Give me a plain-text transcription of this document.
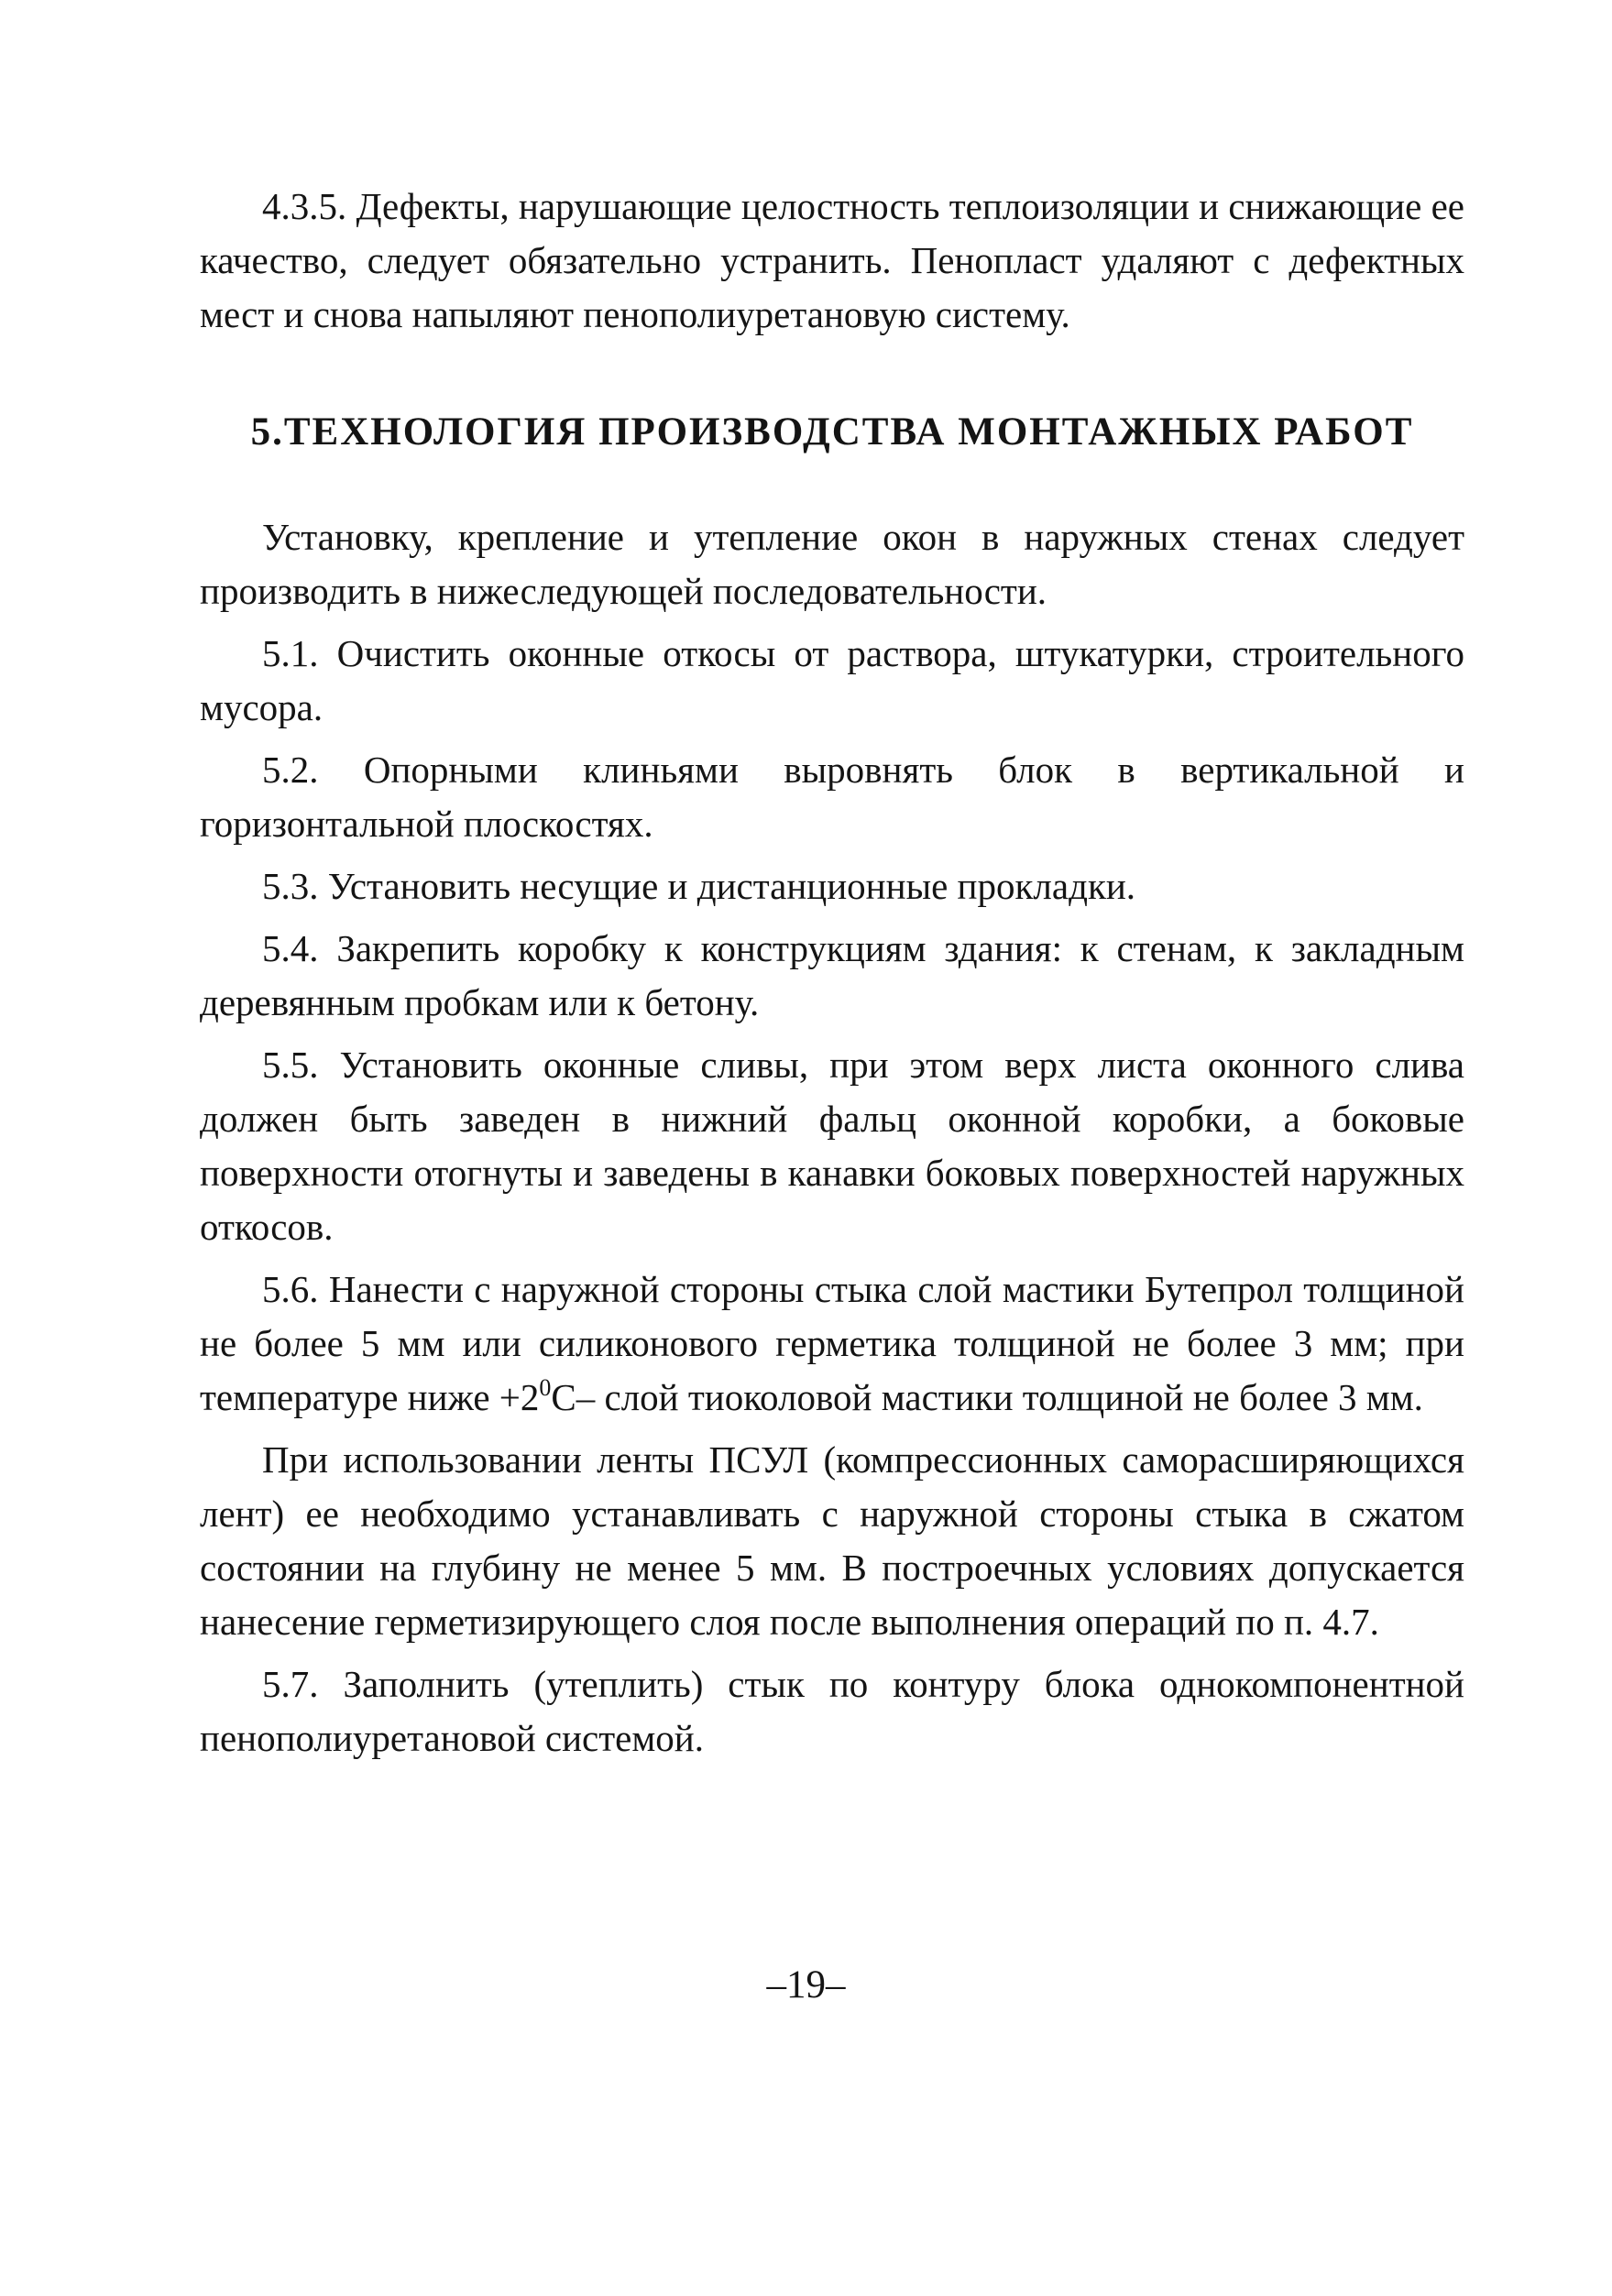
4.3.5. Дефекты, нарушающие целостность теплоизоляции и снижающие ее качество, следует обязательно устранить. Пенопласт удаляют с дефектных мест и снова напыляют пенополиуретановую систему.

5.ТЕХНОЛОГИЯ ПРОИЗВОДСТВА МОНТАЖНЫХ РАБОТ

Установку, крепление и утепление окон в наружных стенах следует производить в нижеследующей последовательности.

5.1. Очистить оконные откосы от раствора, штукатурки, строительного мусора.

5.2. Опорными клиньями выровнять блок в вертикальной и горизонтальной плоскостях.

5.3. Установить несущие и дистанционные прокладки.

5.4. Закрепить коробку к конструкциям здания: к стенам, к закладным деревянным пробкам или к бетону.

5.5. Установить оконные сливы, при этом верх листа оконного слива должен быть заведен в нижний фальц оконной коробки, а боковые поверхности отогнуты и заведены в канавки боковых поверхностей наружных откосов.

5.6. Нанести с наружной стороны стыка слой мастики Бутепрол толщиной не более 5 мм или силиконового герметика толщиной не более 3 мм; при температуре ниже $+2^0С-$ слой тиоколовой мастики толщиной не более 3 мм.

При использовании ленты ПСУЛ (компрессионных саморасширяющихся лент) ее необходимо устанавливать с наружной стороны стыка в сжатом состоянии на глубину не менее 5 мм. В построечных условиях допускается нанесение герметизирующего слоя после выполнения операций по п. 4.7.

5.7. Заполнить (утеплить) стык по контуру блока однокомпонентной пенополиуретановой системой.

–19–
